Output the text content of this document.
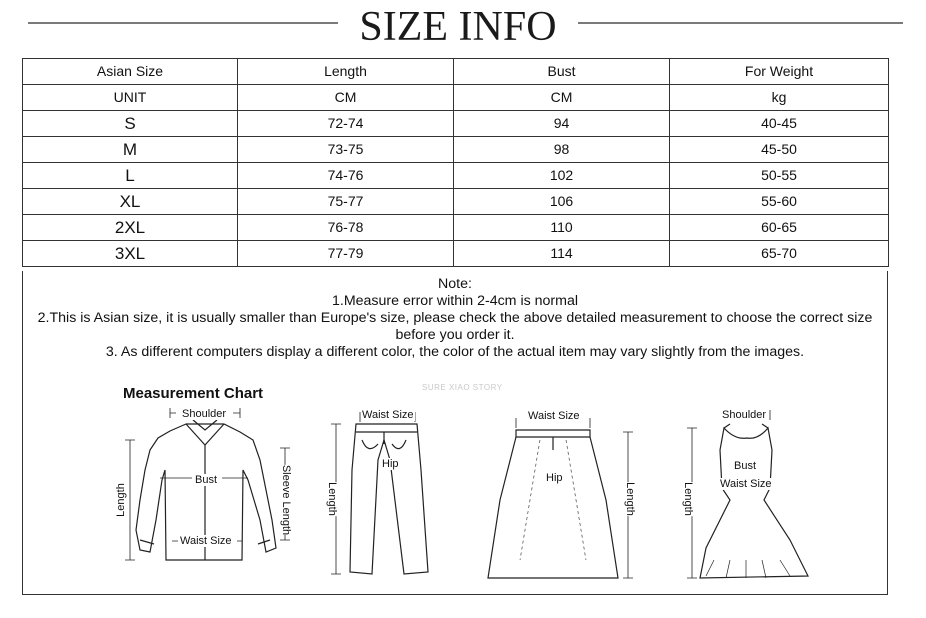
SIZE INFO
Asian Size	Length	Bust	For Weight
UNIT	CM	CM	kg
S	72-74	94	40-45
M	73-75	98	45-50
L	74-76	102	50-55
XL	75-77	106	55-60
2XL	76-78	110	60-65
3XL	77-79	114	65-70

Note:

1.Measure error within 2-4cm is normal

2.This is Asian size, it is usually smaller than Europe's size, please check the above detailed measurement to choose the correct size before you order it.

3. As different computers display a different color, the color of the actual item may vary slightly from the images.

Measurement Chart	SURE XIAO STORY
Shoulder
Bust
Waist Size
Length	Sleeve Length
Waist Size
Hip
Length
Waist Size
Hip
Length
Shoulder
Bust
Waist Size
Length
